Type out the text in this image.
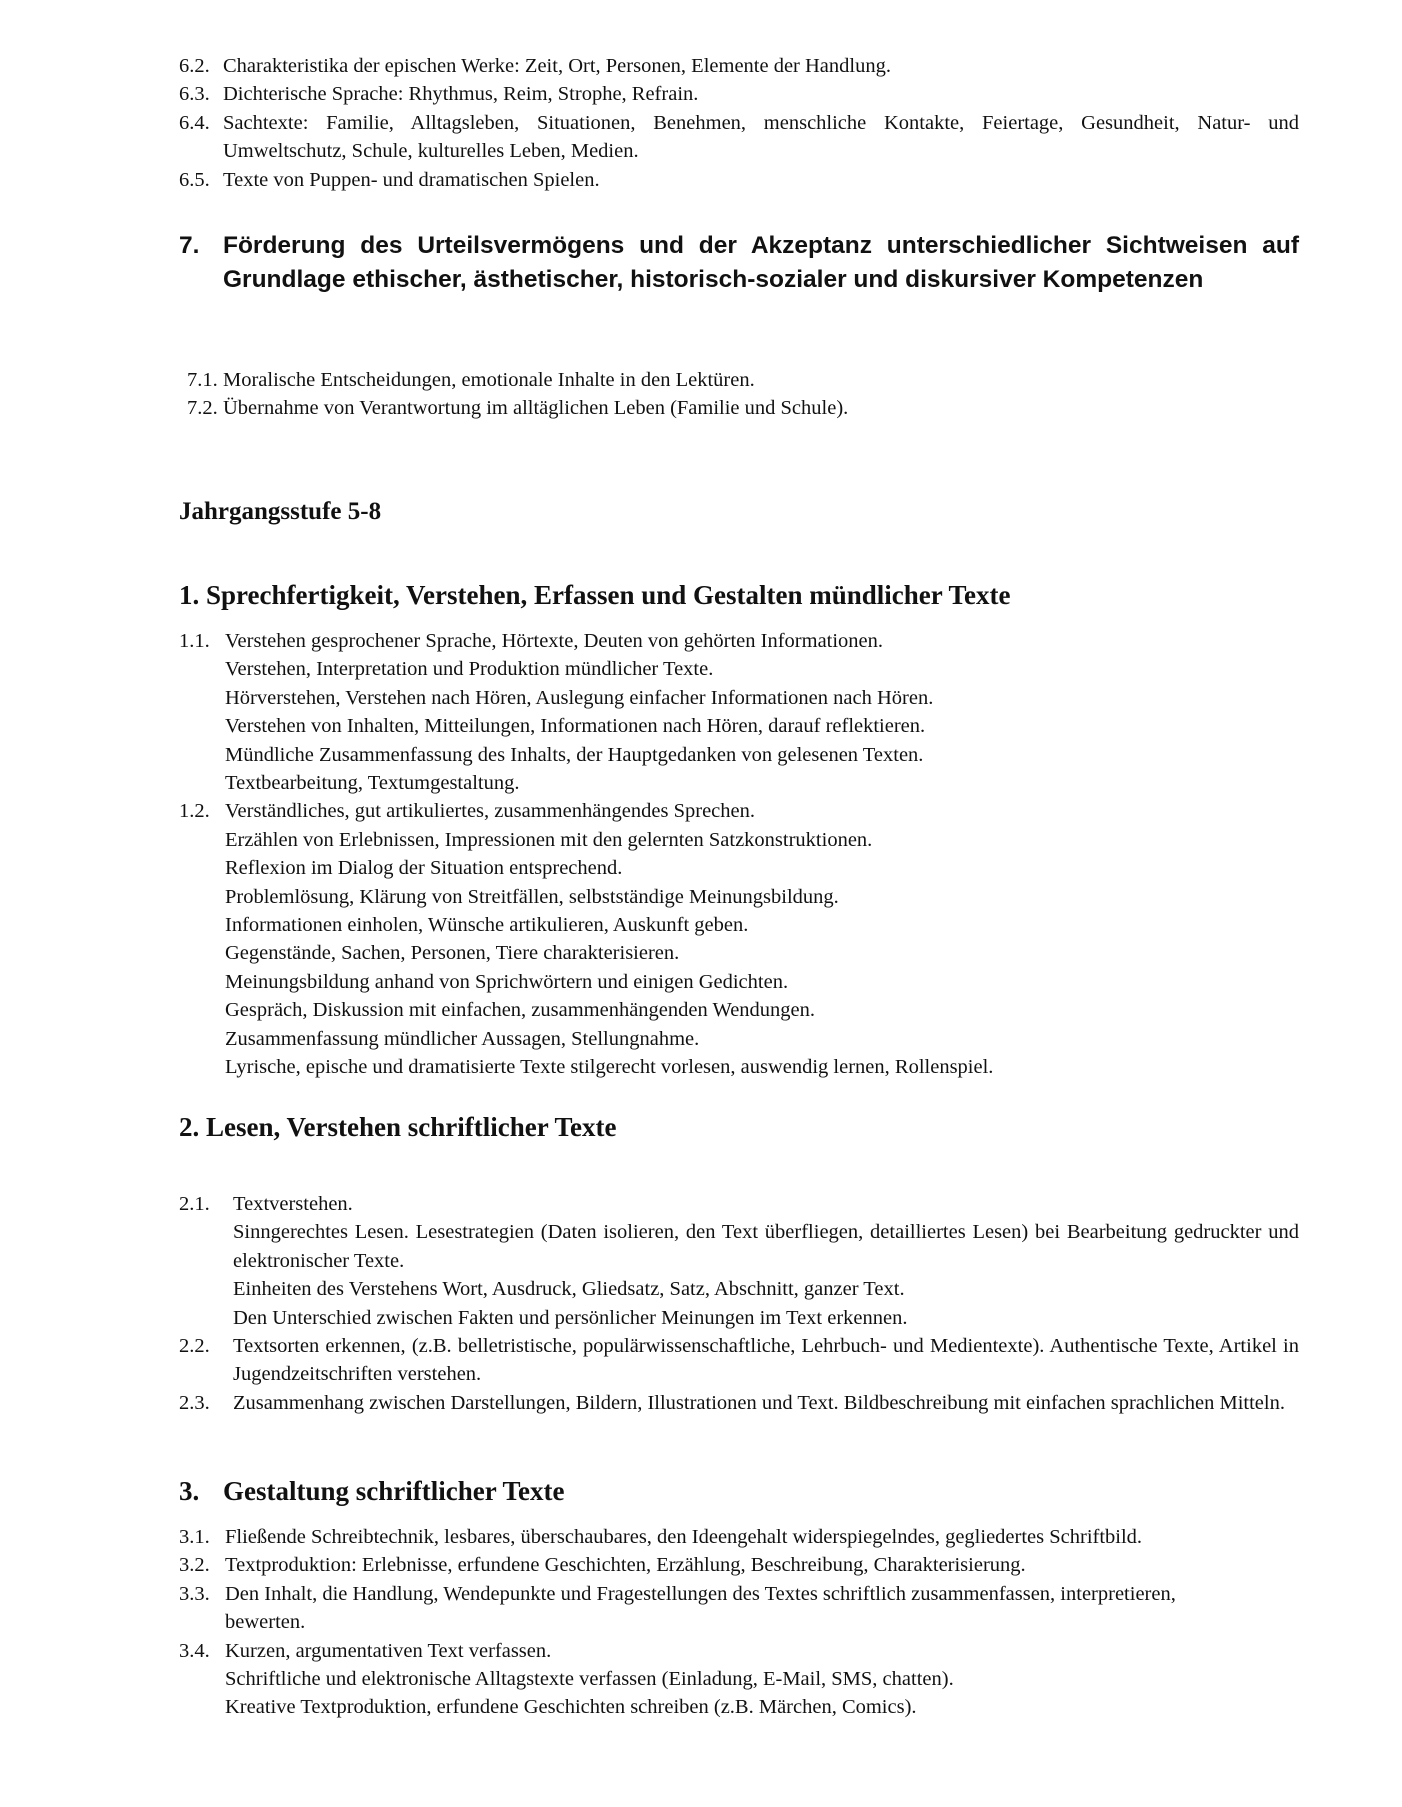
6.2. Charakteristika der epischen Werke: Zeit, Ort, Personen, Elemente der Handlung.
6.3. Dichterische Sprache: Rhythmus, Reim, Strophe, Refrain.
6.4. Sachtexte: Familie, Alltagsleben, Situationen, Benehmen, menschliche Kontakte, Feiertage, Gesundheit, Natur- und Umweltschutz, Schule, kulturelles Leben, Medien.
6.5. Texte von Puppen- und dramatischen Spielen.
7. Förderung des Urteilsvermögens und der Akzeptanz unterschiedlicher Sichtweisen auf Grundlage ethischer, ästhetischer, historisch-sozialer und diskursiver Kompetenzen
7.1. Moralische Entscheidungen, emotionale Inhalte in den Lektüren.
7.2. Übernahme von Verantwortung im alltäglichen Leben (Familie und Schule).
Jahrgangsstufe 5-8
1. Sprechfertigkeit, Verstehen, Erfassen und Gestalten mündlicher Texte
1.1. Verstehen gesprochener Sprache, Hörtexte, Deuten von gehörten Informationen.
Verstehen, Interpretation und Produktion mündlicher Texte.
Hörverstehen, Verstehen nach Hören, Auslegung einfacher Informationen nach Hören.
Verstehen von Inhalten, Mitteilungen, Informationen nach Hören, darauf reflektieren.
Mündliche Zusammenfassung des Inhalts, der Hauptgedanken von gelesenen Texten.
Textbearbeitung, Textumgestaltung.
1.2. Verständliches, gut artikuliertes, zusammenhängendes Sprechen.
Erzählen von Erlebnissen, Impressionen mit den gelernten Satzkonstruktionen.
Reflexion im Dialog der Situation entsprechend.
Problemlösung, Klärung von Streitfällen, selbstständige Meinungsbildung.
Informationen einholen, Wünsche artikulieren, Auskunft geben.
Gegenstände, Sachen, Personen, Tiere charakterisieren.
Meinungsbildung anhand von Sprichwörtern und einigen Gedichten.
Gespräch, Diskussion mit einfachen, zusammenhängenden Wendungen.
Zusammenfassung mündlicher Aussagen, Stellungnahme.
Lyrische, epische und dramatisierte Texte stilgerecht vorlesen, auswendig lernen, Rollenspiel.
2. Lesen, Verstehen schriftlicher Texte
2.1.	Textverstehen.
Sinngerechtes Lesen. Lesestrategien (Daten isolieren, den Text überfliegen, detailliertes Lesen) bei Bearbeitung gedruckter und elektronischer Texte.
Einheiten des Verstehens Wort, Ausdruck, Gliedsatz, Satz, Abschnitt, ganzer Text.
Den Unterschied zwischen Fakten und persönlicher Meinungen im Text erkennen.
2.2.	Textsorten erkennen, (z.B. belletristische, populärwissenschaftliche, Lehrbuch- und Medientexte). Authentische Texte, Artikel in Jugendzeitschriften verstehen.
2.3.	Zusammenhang zwischen Darstellungen, Bildern, Illustrationen und Text. Bildbeschreibung mit einfachen sprachlichen Mitteln.
3. Gestaltung schriftlicher Texte
3.1. Fließende Schreibtechnik, lesbares, überschaubares, den Ideengehalt widerspiegelndes, gegliedertes Schriftbild.
3.2. Textproduktion: Erlebnisse, erfundene Geschichten, Erzählung, Beschreibung, Charakterisierung.
3.3. Den Inhalt, die Handlung, Wendepunkte und Fragestellungen des Textes schriftlich zusammenfassen, interpretieren, bewerten.
3.4. Kurzen, argumentativen Text verfassen.
Schriftliche und elektronische Alltagstexte verfassen (Einladung, E-Mail, SMS, chatten).
Kreative Textproduktion, erfundene Geschichten schreiben (z.B. Märchen, Comics).
